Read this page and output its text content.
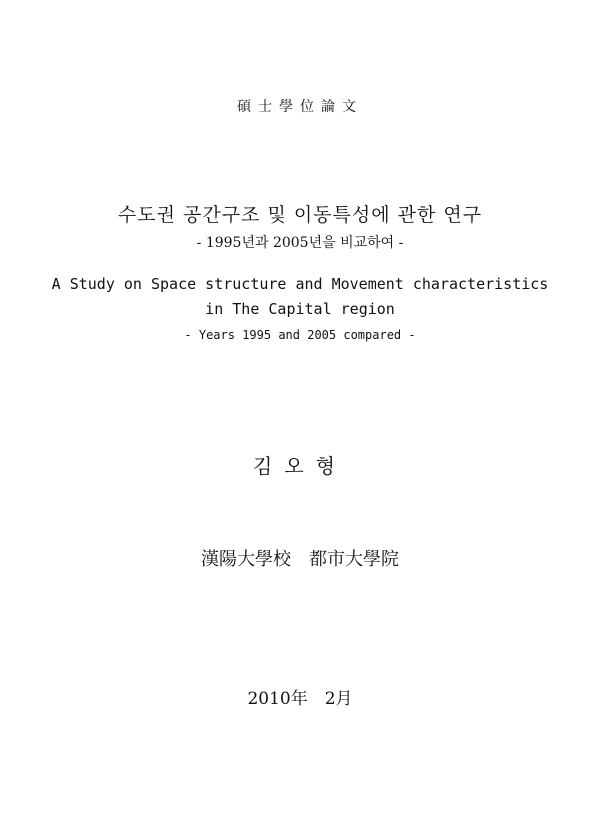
碩士學位論文
수도권 공간구조 및 이동특성에 관한 연구
- 1995년과 2005년을 비교하여 -
A Study on Space structure and Movement characteristics
in The Capital region
- Years 1995 and 2005 compared -
김오형
漢陽大學校　都市大學院
2010年　2月
